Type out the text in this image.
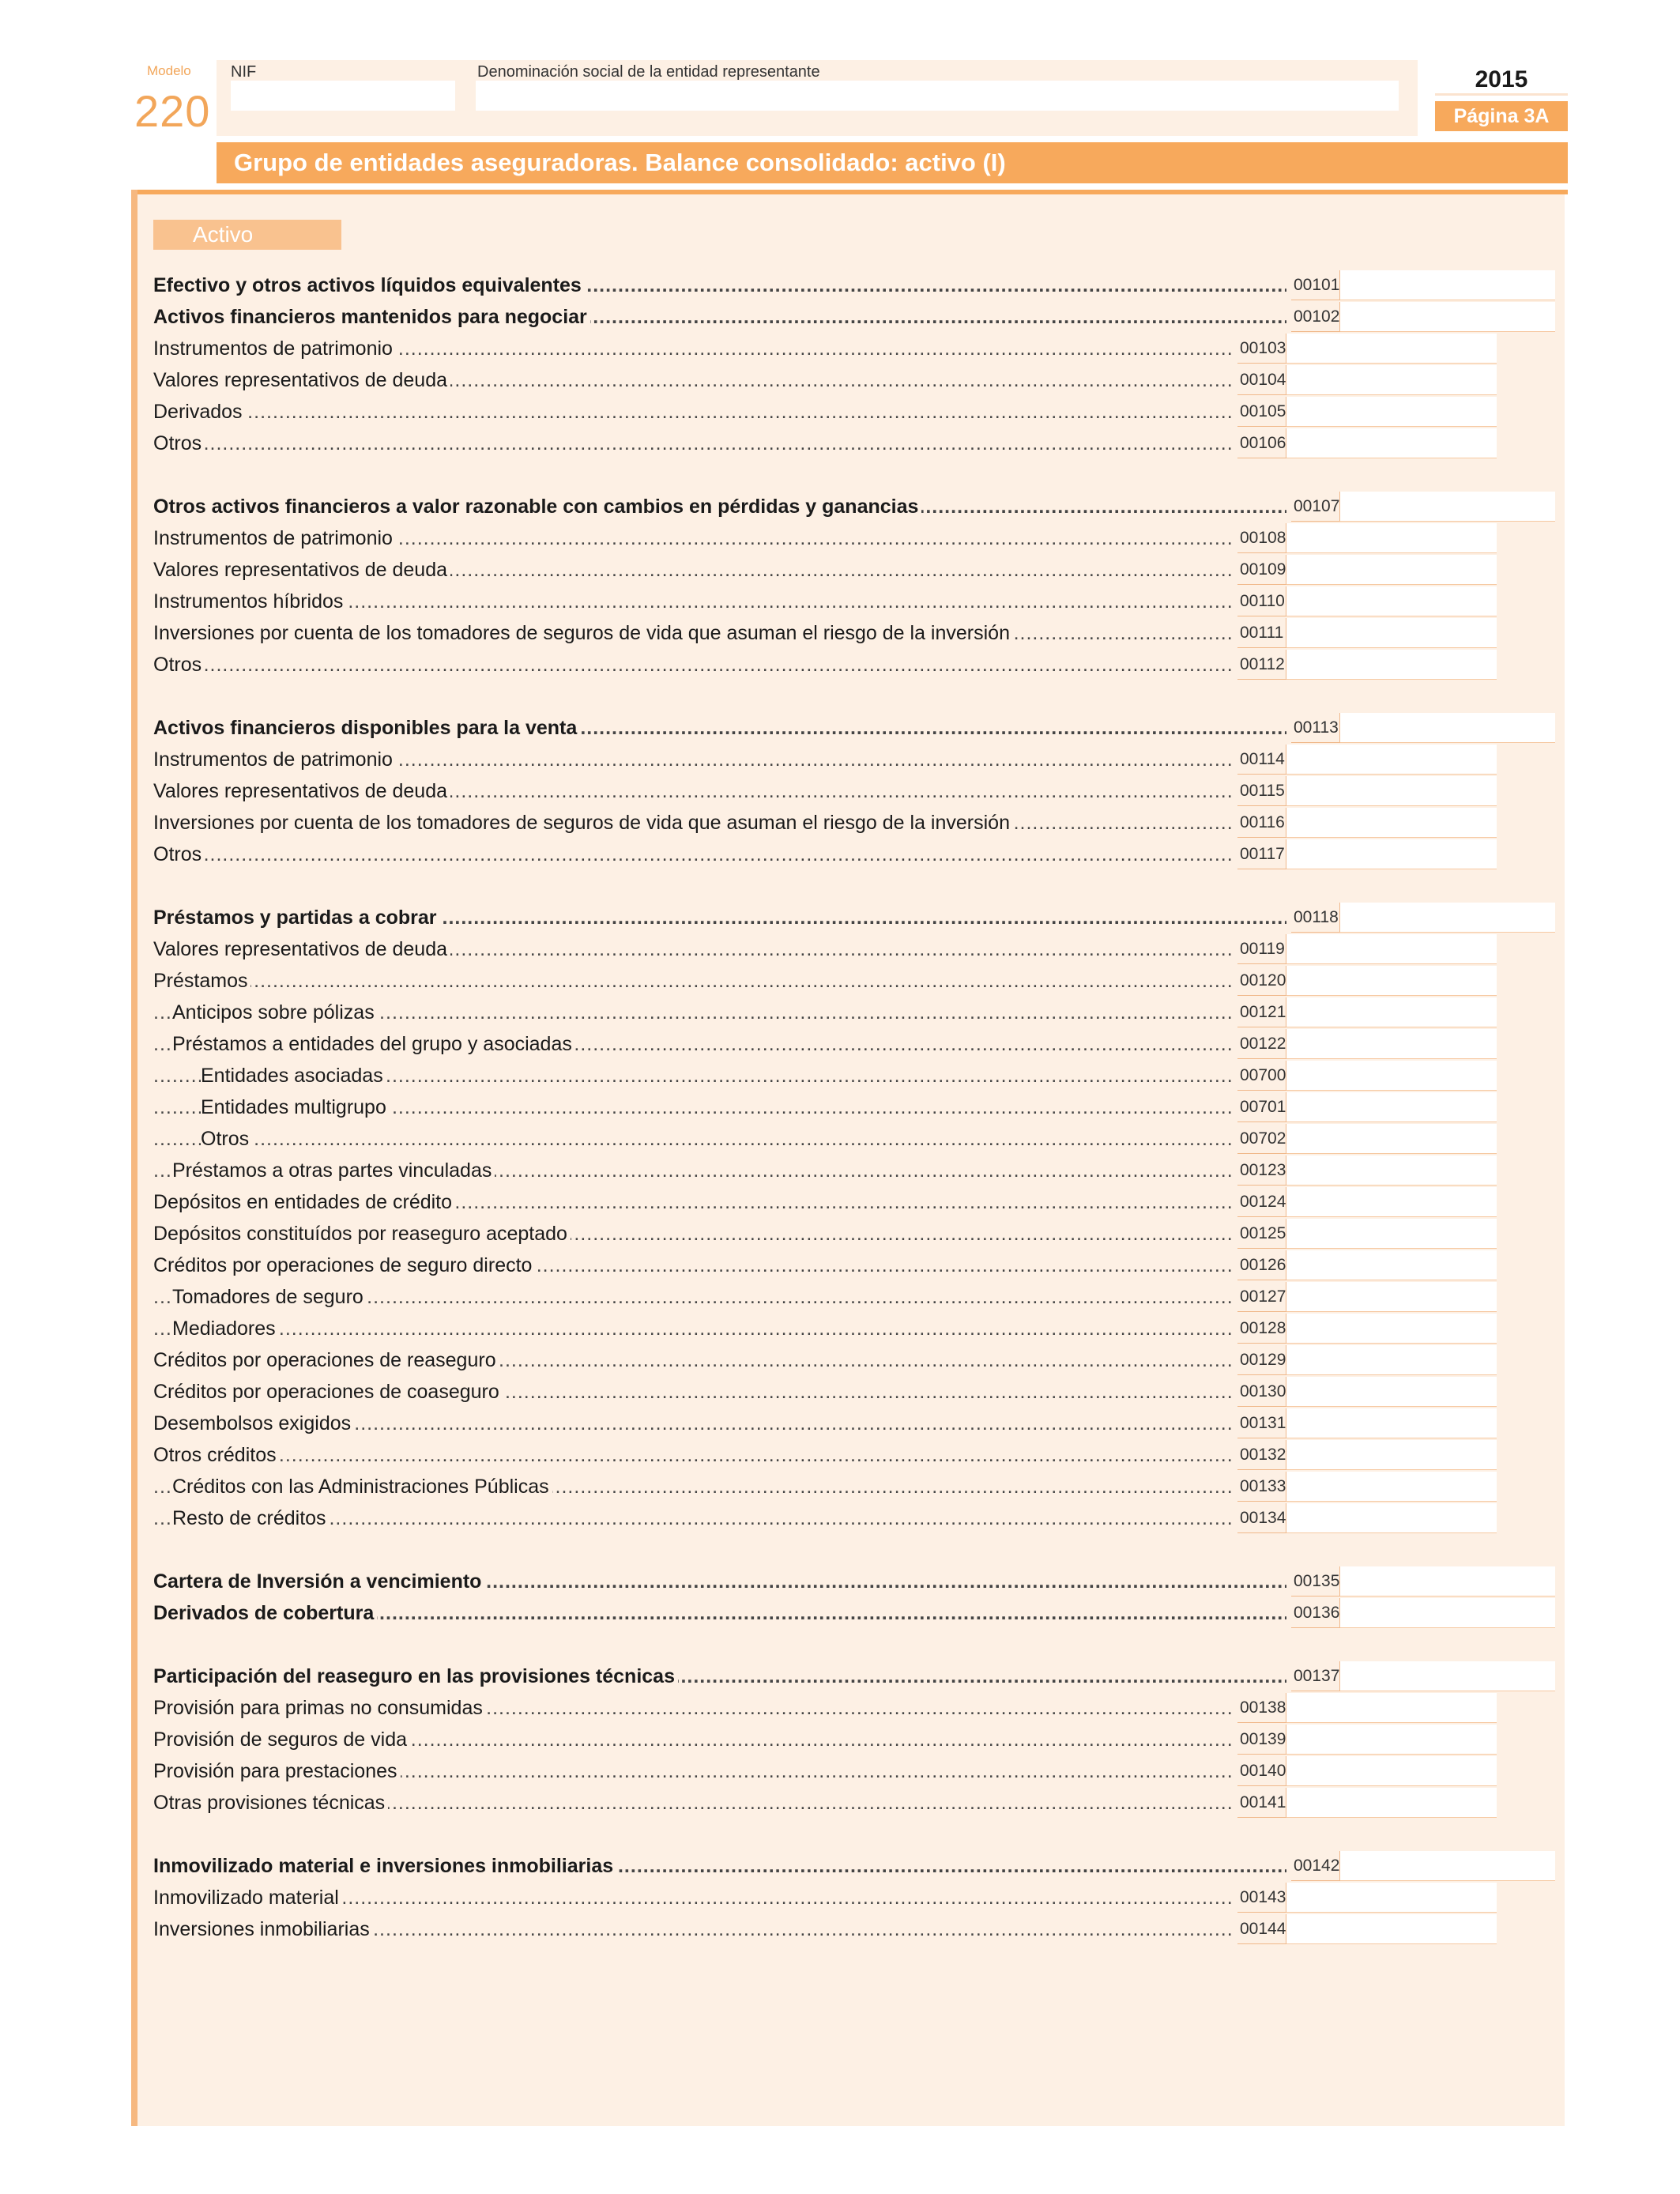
Modelo
220
NIF	Denominación social de la entidad representante	2015
Página 3A
Grupo de entidades aseguradoras. Balance consolidado: activo (I)
Activo
.....
Efectivo y otros activos líquidos equivalentes	00101
.....
Activos financieros mantenidos para negociar	00102
.....
Instrumentos de patrimonio	00103
.....
Valores representativos de deuda	00104
.....
Derivados	00105
.....
Otros	00106
.....
Otros activos financieros a valor razonable con cambios en pérdidas y ganancias	00107
.....
Instrumentos de patrimonio	00108
.....
Valores representativos de deuda	00109
.....
Instrumentos híbridos	00110
.....
Inversiones por cuenta de los tomadores de seguros de vida que asuman el riesgo de la inversión	00111
.....
Otros	00112
.....
Activos financieros disponibles para la venta	00113
.....
Instrumentos de patrimonio	00114
.....
Valores representativos de deuda	00115
.....
Inversiones por cuenta de los tomadores de seguros de vida que asuman el riesgo de la inversión	00116
.....
Otros	00117
.....
Préstamos y partidas a cobrar	00118
.....
Valores representativos de deuda	00119
.....
Préstamos	00120
.....
Anticipos sobre pólizas	00121
.....
Préstamos a entidades del grupo y asociadas	00122
.....
Entidades asociadas	00700
.....
Entidades multigrupo	00701
.....
Otros	00702
.....
Préstamos a otras partes vinculadas	00123
.....
Depósitos en entidades de crédito	00124
.....
Depósitos constituídos por reaseguro aceptado	00125
.....
Créditos por operaciones de seguro directo	00126
.....
Tomadores de seguro	00127
.....
Mediadores	00128
.....
Créditos por operaciones de reaseguro	00129
.....
Créditos por operaciones de coaseguro	00130
.....
Desembolsos exigidos	00131
.....
Otros créditos	00132
.....
Créditos con las Administraciones Públicas	00133
.....
Resto de créditos	00134
.....
Cartera de Inversión a vencimiento	00135
.....
Derivados de cobertura	00136
.....
Participación del reaseguro en las provisiones técnicas	00137
.....
Provisión para primas no consumidas	00138
.....
Provisión de seguros de vida	00139
.....
Provisión para prestaciones	00140
.....
Otras provisiones técnicas	00141
.....
Inmovilizado material e inversiones inmobiliarias	00142
.....
Inmovilizado material	00143
.....
Inversiones inmobiliarias	00144
